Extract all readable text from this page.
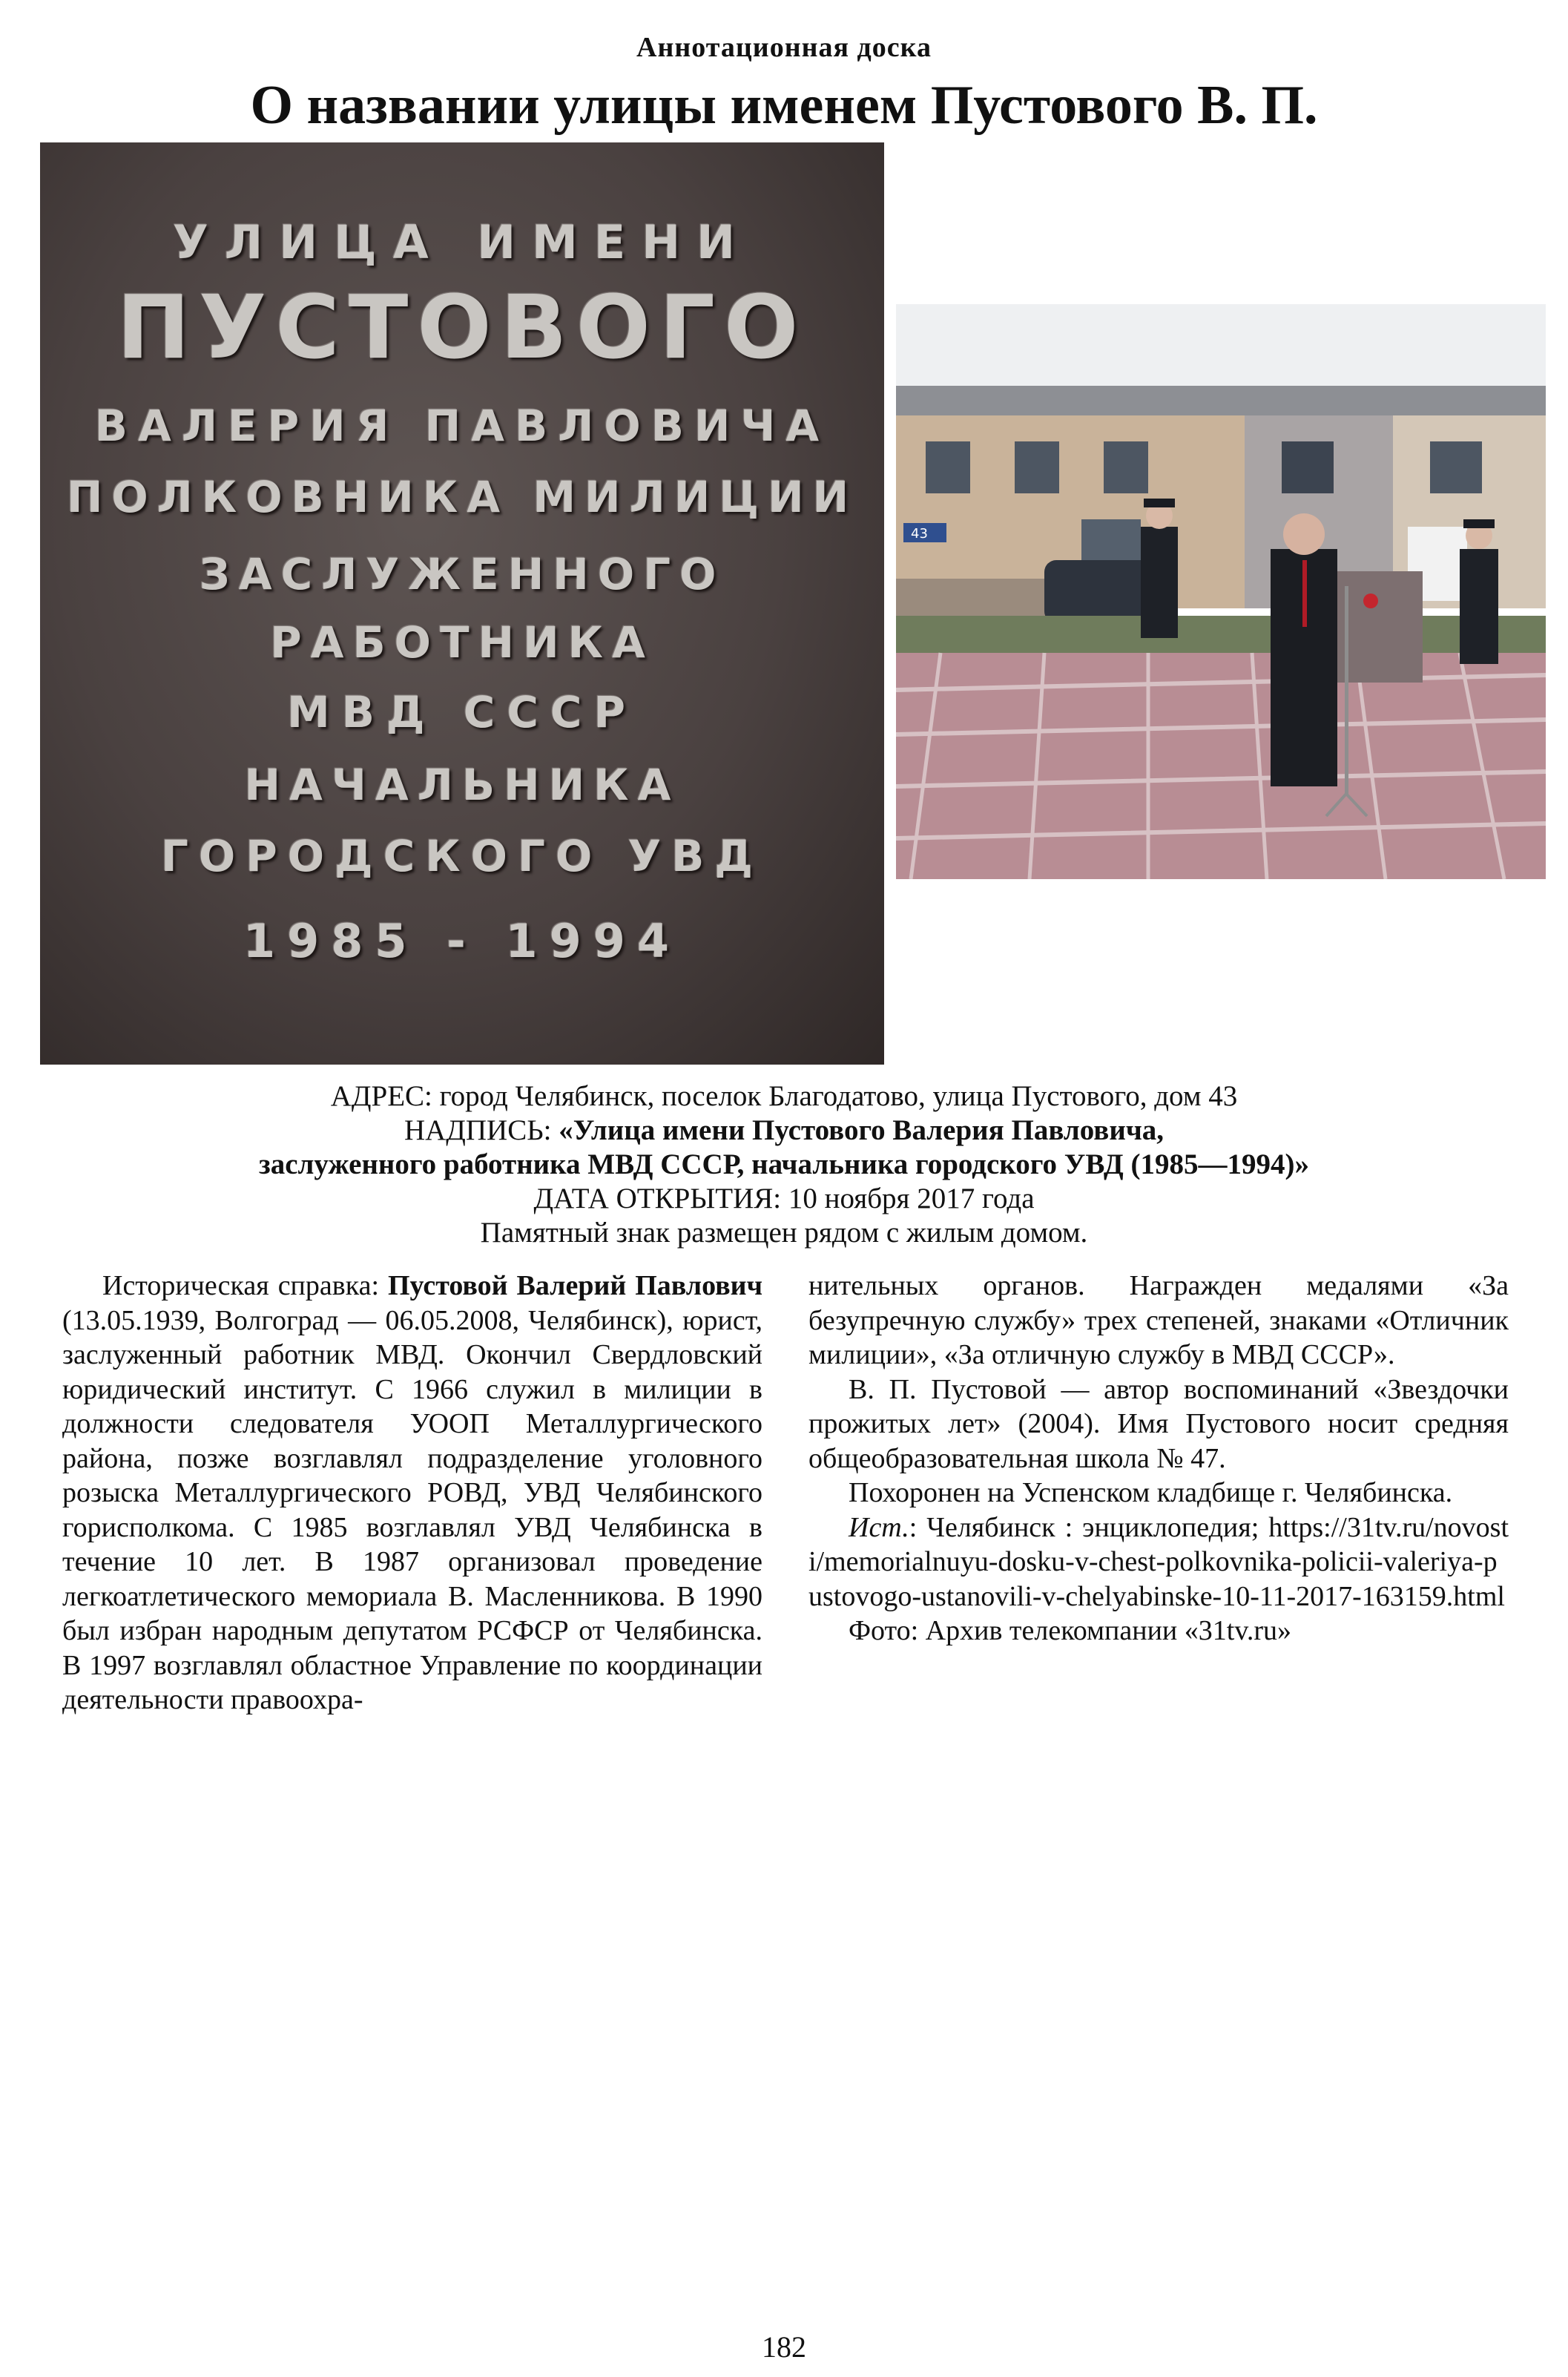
Аннотационная доска
О названии улицы именем Пустового В. П.
УЛИЦА ИМЕНИ
ПУСТОВОГО
ВАЛЕРИЯ ПАВЛОВИЧА
ПОЛКОВНИКА МИЛИЦИИ
ЗАСЛУЖЕННОГО
РАБОТНИКА
МВД СССР
НАЧАЛЬНИКА
ГОРОДСКОГО УВД
1985 - 1994
43
АДРЕС: город Челябинск, поселок Благодатово, улица Пустового, дом 43
НАДПИСЬ: «Улица имени Пустового Валерия Павловича,
заслуженного работника МВД СССР, начальника городского УВД (1985—1994)»
ДАТА ОТКРЫТИЯ: 10 ноября 2017 года
Памятный знак размещен рядом с жилым домом.

Историческая справка: Пустовой Валерий Павлович (13.05.1939, Волгоград — 06.05.2008, Челябинск), юрист, заслуженный работник МВД. Окончил Свердловский юридический институт. С 1966 служил в милиции в должности следователя УООП Металлургического района, позже возглавлял подразделение уголовного розыска Металлургического РОВД, УВД Челябинского горисполкома. С 1985 возглавлял УВД Челябинска в течение 10 лет. В 1987 организовал проведение легкоатлетического мемориала В. Масленникова. В 1990 был избран народным депутатом РСФСР от Челябинска. В 1997 возглавлял областное Управление по координации деятельности правоохра-

нительных органов. Награжден медалями «За безупречную службу» трех степеней, знаками «Отличник милиции», «За отличную службу в МВД СССР».

В. П. Пустовой — автор воспоминаний «Звездочки прожитых лет» (2004). Имя Пустового носит средняя общеобразовательная школа № 47.

Похоронен на Успенском кладбище г. Челябинска.

Ист.: Челябинск : энциклопедия; https://31tv.ru/novosti/memorialnuyu-dosku-v-chest-polkovnika-policii-valeriya-pustovogo-ustanovili-v-chelyabinske-10-11-2017-163159.html

Фото: Архив телекомпании «31tv.ru»

182
